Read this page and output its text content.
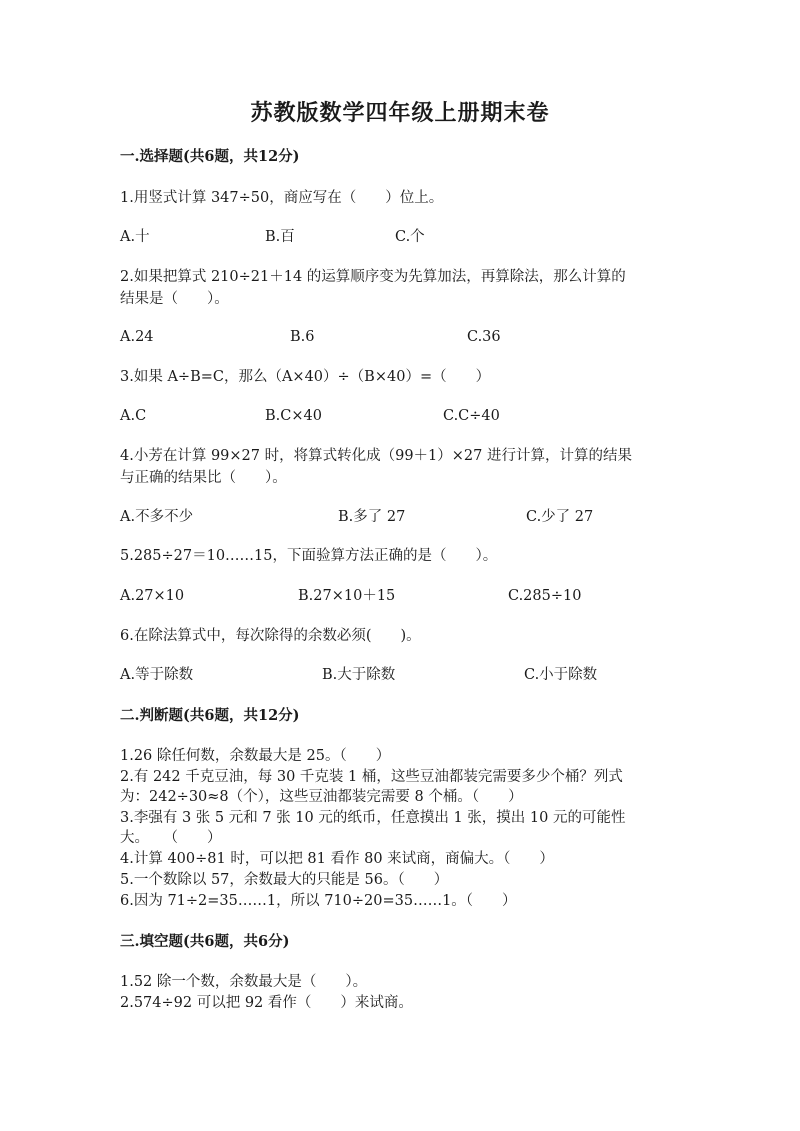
苏教版数学四年级上册期末卷
一.选择题(共6题，共12分)
1.用竖式计算 347÷50，商应写在（　　）位上。
A.十	B.百	C.个
2.如果把算式 210÷21＋14 的运算顺序变为先算加法，再算除法，那么计算的
结果是（　　）。
A.24	B.6	C.36
3.如果 A÷B=C，那么（A×40）÷（B×40）=（　　）
A.C	B.C×40	C.C÷40
4.小芳在计算 99×27 时，将算式转化成（99＋1）×27 进行计算，计算的结果
与正确的结果比（　　）。
A.不多不少	B.多了 27	C.少了 27
5.285÷27＝10……15，下面验算方法正确的是（　　）。
A.27×10	B.27×10＋15	C.285÷10
6.在除法算式中，每次除得的余数必须(　　)。
A.等于除数	B.大于除数	C.小于除数
二.判断题(共6题，共12分)
1.26 除任何数，余数最大是 25。（　　）
2.有 242 千克豆油，每 30 千克装 1 桶，这些豆油都装完需要多少个桶？列式
为：242÷30≈8（个），这些豆油都装完需要 8 个桶。（　　）
3.李强有 3 张 5 元和 7 张 10 元的纸币，任意摸出 1 张，摸出 10 元的可能性
大。　　（　　）
4.计算 400÷81 时，可以把 81 看作 80 来试商，商偏大。（　　）
5.一个数除以 57，余数最大的只能是 56。（　　）
6.因为 71÷2=35……1，所以 710÷20=35……1。（　　）
三.填空题(共6题，共6分)
1.52 除一个数，余数最大是（　　）。
2.574÷92 可以把 92 看作（　　）来试商。
